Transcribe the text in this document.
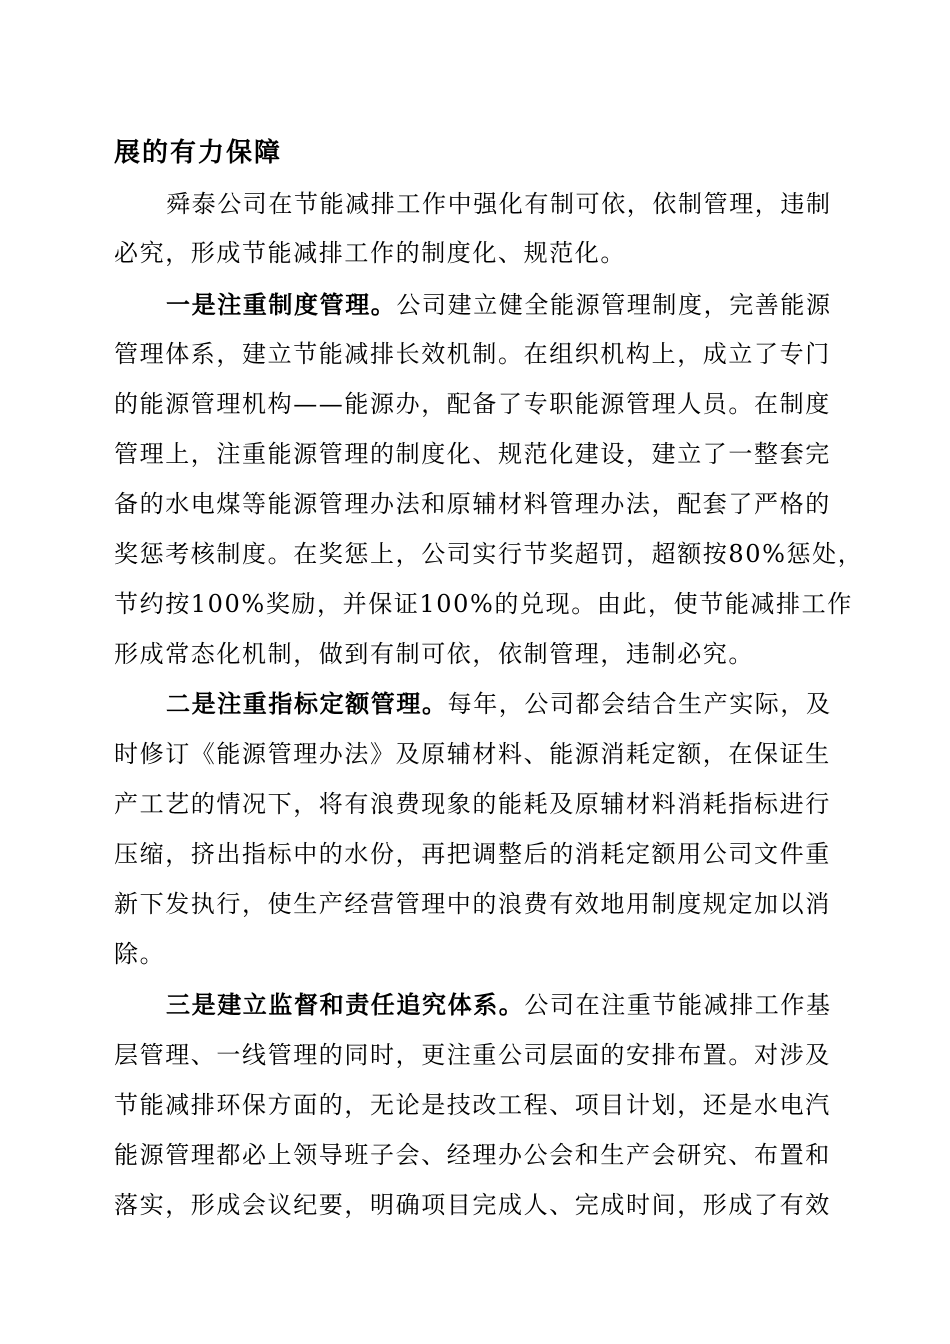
展的有力保障
舜泰公司在节能减排工作中强化有制可依，依制管理，违制
必究，形成节能减排工作的制度化、规范化。
一是注重制度管理。公司建立健全能源管理制度，完善能源
管理体系，建立节能减排长效机制。在组织机构上，成立了专门
的能源管理机构——能源办，配备了专职能源管理人员。在制度
管理上，注重能源管理的制度化、规范化建设，建立了一整套完
备的水电煤等能源管理办法和原辅材料管理办法，配套了严格的
奖惩考核制度。在奖惩上，公司实行节奖超罚，超额按80%惩处，
节约按100%奖励，并保证100%的兑现。由此，使节能减排工作
形成常态化机制，做到有制可依，依制管理，违制必究。
二是注重指标定额管理。每年，公司都会结合生产实际，及
时修订《能源管理办法》及原辅材料、能源消耗定额，在保证生
产工艺的情况下，将有浪费现象的能耗及原辅材料消耗指标进行
压缩，挤出指标中的水份，再把调整后的消耗定额用公司文件重
新下发执行，使生产经营管理中的浪费有效地用制度规定加以消
除。
三是建立监督和责任追究体系。公司在注重节能减排工作基
层管理、一线管理的同时，更注重公司层面的安排布置。对涉及
节能减排环保方面的，无论是技改工程、项目计划，还是水电汽
能源管理都必上领导班子会、经理办公会和生产会研究、布置和
落实，形成会议纪要，明确项目完成人、完成时间，形成了有效
